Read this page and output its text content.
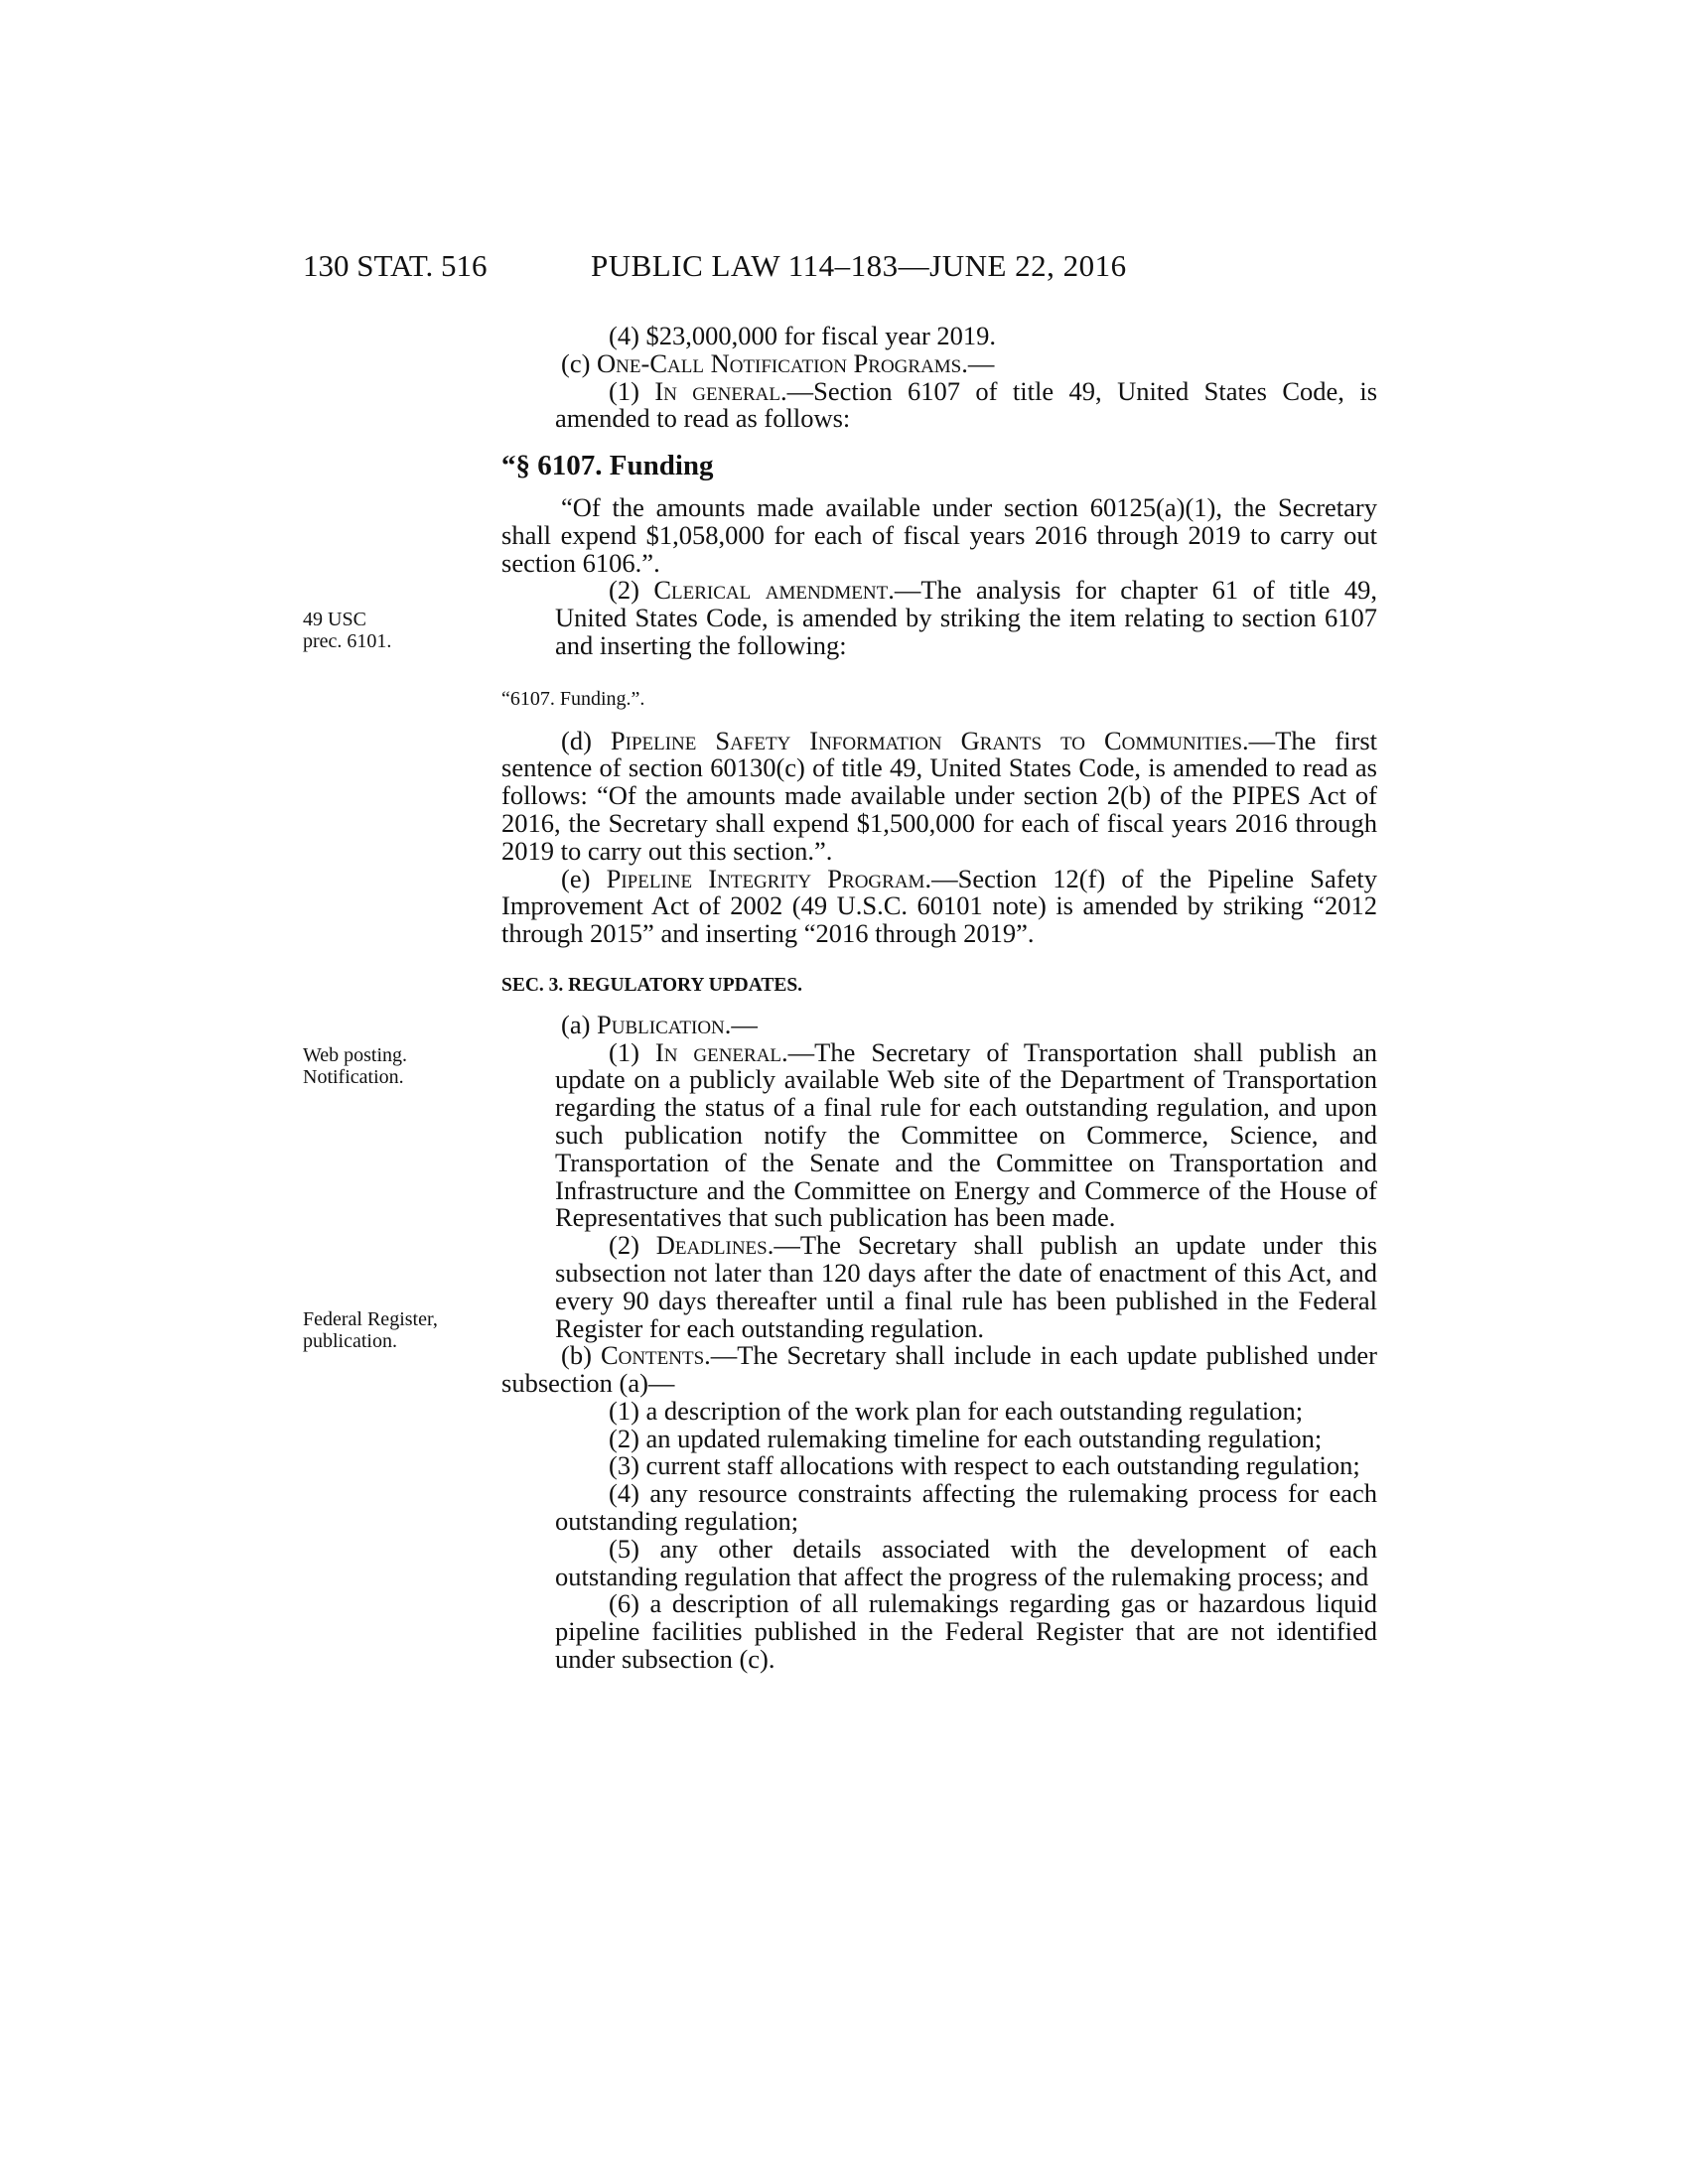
130 STAT. 516	PUBLIC LAW 114–183—JUNE 22, 2016
49 USC
prec. 6101.
Web posting.
Notification.
Federal Register,
publication.

(4) $23,000,000 for fiscal year 2019.

(c) One-Call Notification Programs.—

(1) In general.—Section 6107 of title 49, United States Code, is amended to read as follows:

“§ 6107. Funding

“Of the amounts made available under section 60125(a)(1), the Secretary shall expend $1,058,000 for each of fiscal years 2016 through 2019 to carry out section 6106.”.

(2) Clerical amendment.—The analysis for chapter 61 of title 49, United States Code, is amended by striking the item relating to section 6107 and inserting the following:

“6107. Funding.”.

(d) Pipeline Safety Information Grants to Communities.—The first sentence of section 60130(c) of title 49, United States Code, is amended to read as follows: “Of the amounts made available under section 2(b) of the PIPES Act of 2016, the Secretary shall expend $1,500,000 for each of fiscal years 2016 through 2019 to carry out this section.”.

(e) Pipeline Integrity Program.—Section 12(f) of the Pipeline Safety Improvement Act of 2002 (49 U.S.C. 60101 note) is amended by striking “2012 through 2015” and inserting “2016 through 2019”.

SEC. 3. REGULATORY UPDATES.

(a) Publication.—

(1) In general.—The Secretary of Transportation shall publish an update on a publicly available Web site of the Department of Transportation regarding the status of a final rule for each outstanding regulation, and upon such publication notify the Committee on Commerce, Science, and Transportation of the Senate and the Committee on Transportation and Infrastructure and the Committee on Energy and Commerce of the House of Representatives that such publication has been made.

(2) Deadlines.—The Secretary shall publish an update under this subsection not later than 120 days after the date of enactment of this Act, and every 90 days thereafter until a final rule has been published in the Federal Register for each outstanding regulation.

(b) Contents.—The Secretary shall include in each update published under subsection (a)—

(1) a description of the work plan for each outstanding regulation;

(2) an updated rulemaking timeline for each outstanding regulation;

(3) current staff allocations with respect to each outstanding regulation;

(4) any resource constraints affecting the rulemaking process for each outstanding regulation;

(5) any other details associated with the development of each outstanding regulation that affect the progress of the rulemaking process; and

(6) a description of all rulemakings regarding gas or hazardous liquid pipeline facilities published in the Federal Register that are not identified under subsection (c).
